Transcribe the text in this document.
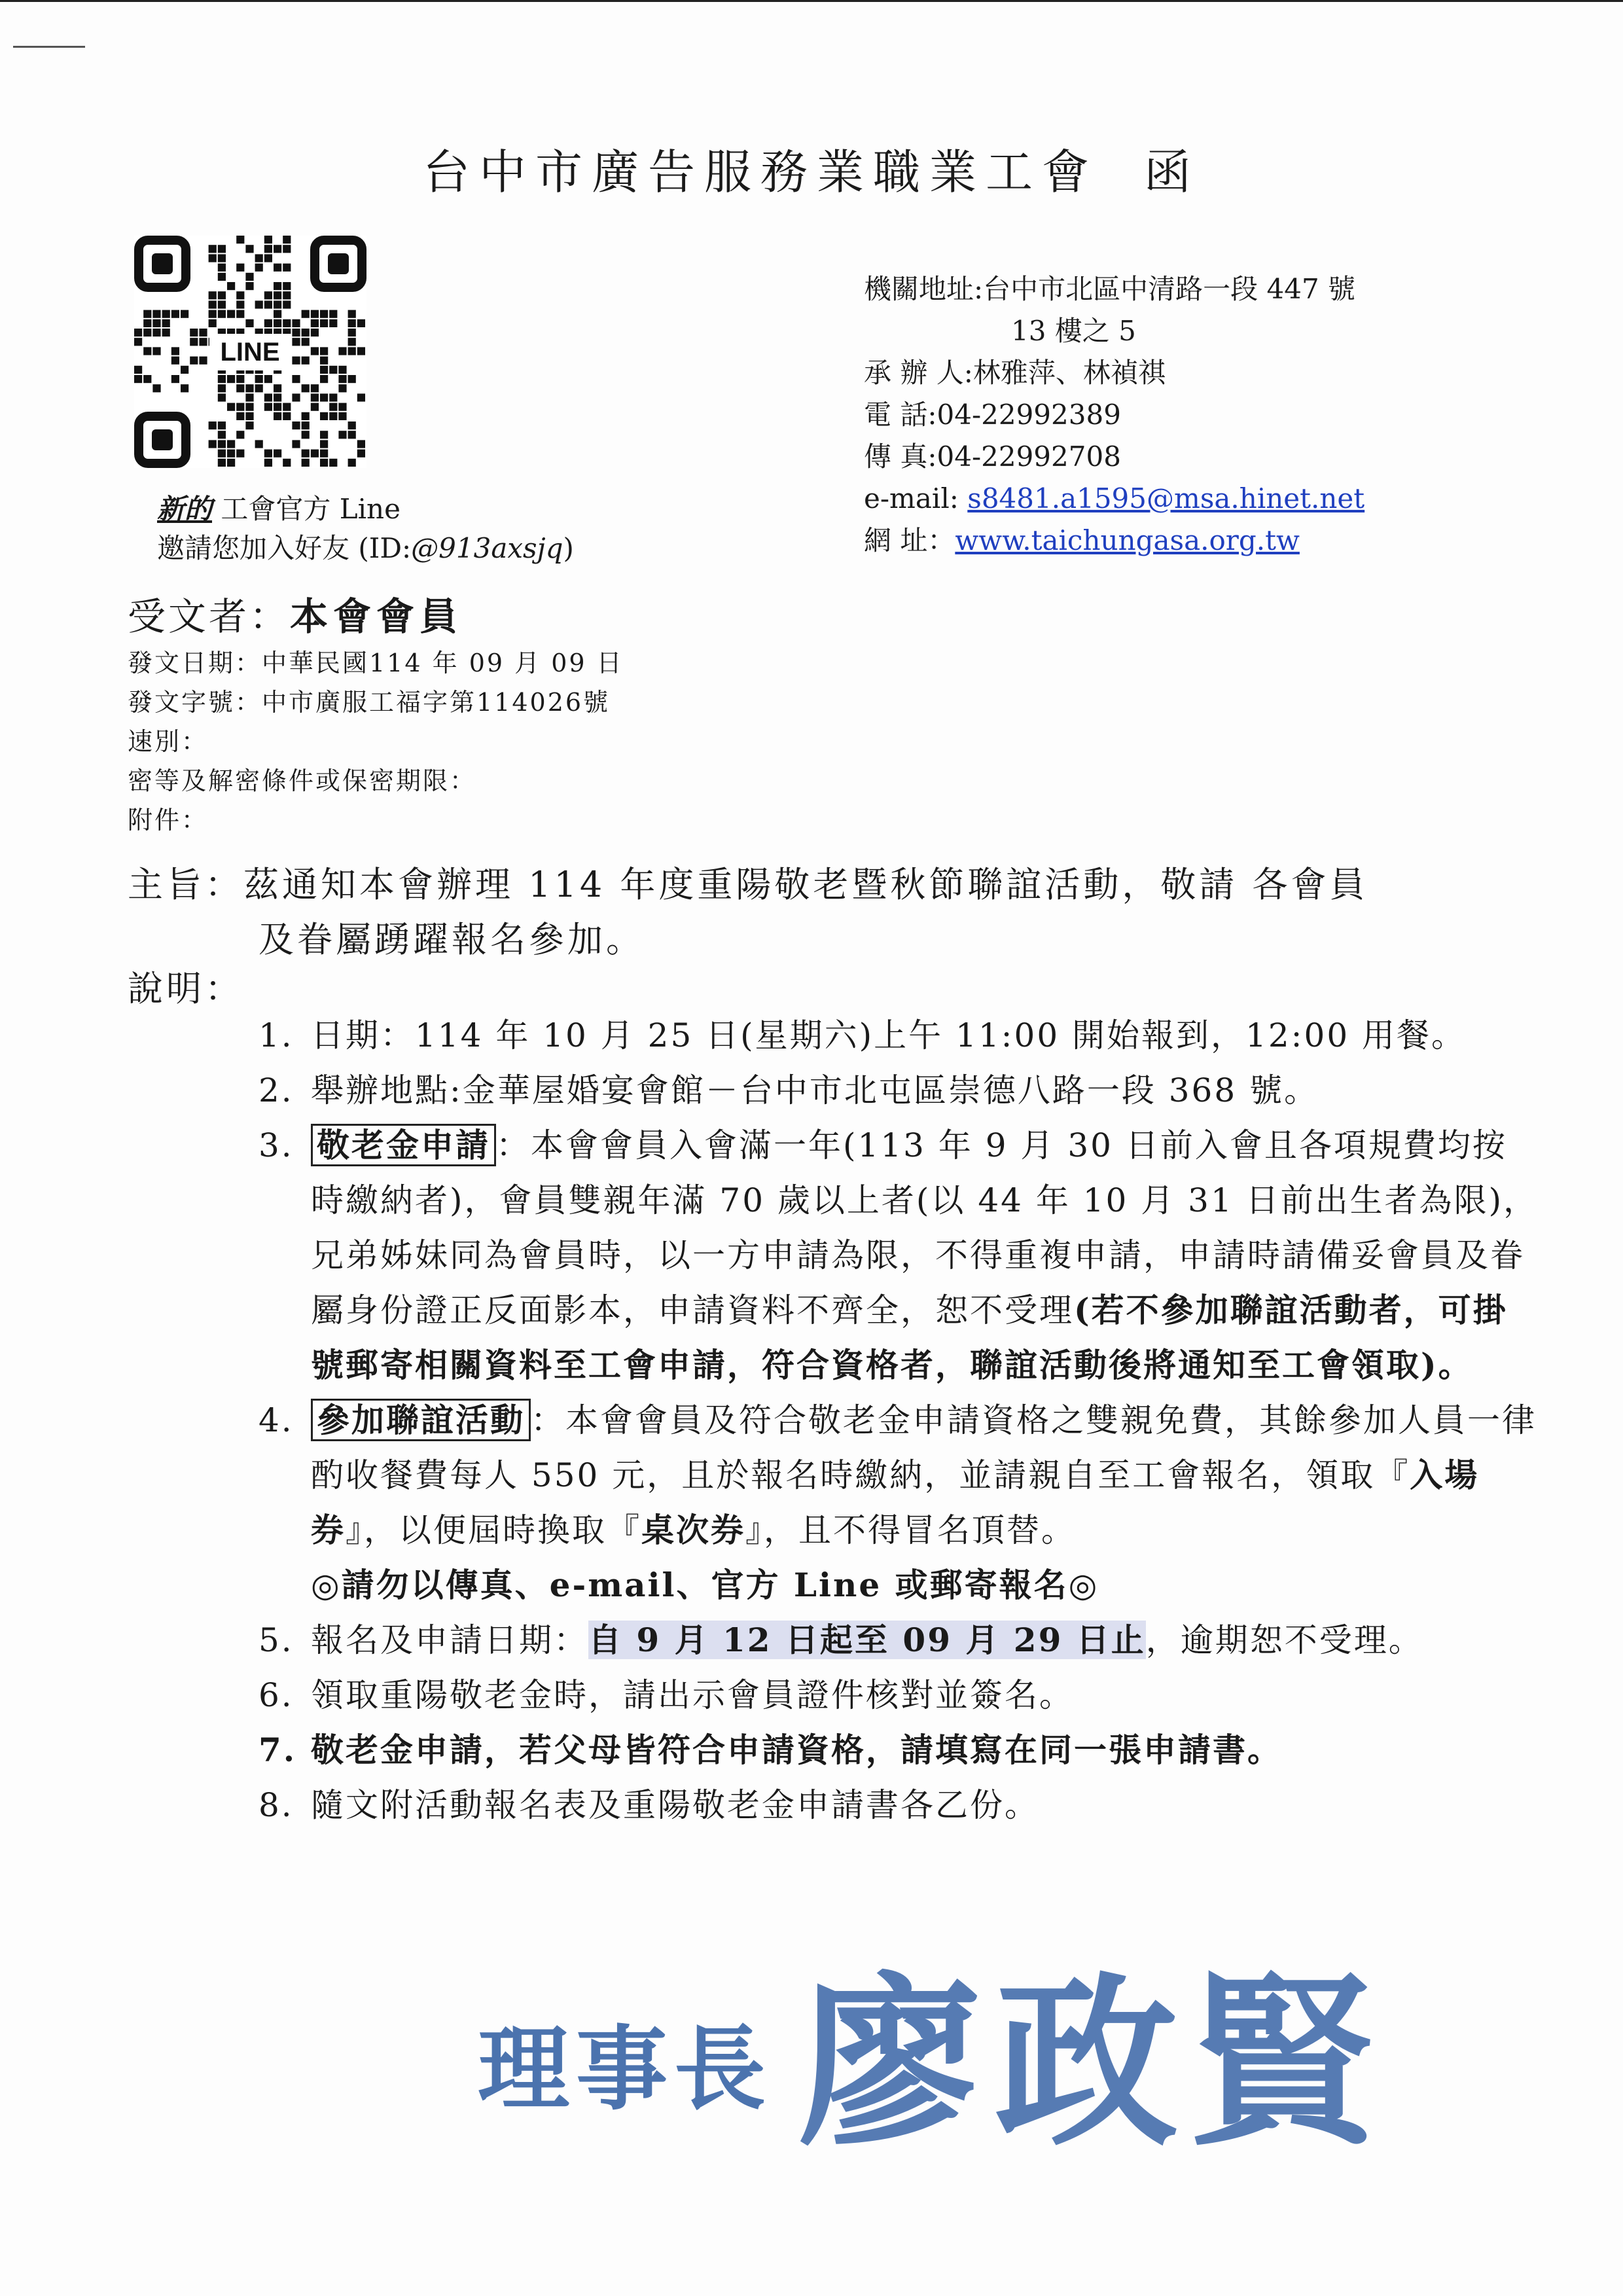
台中市廣告服務業職業工會 函
LINE
新的 工會官方 Line
邀請您加入好友 (ID:@913axsjq)
機關地址:台中市北區中清路一段 447 號
13 樓之 5
承 辦 人:林雅萍、林禎祺
電 話:04-22992389
傳 真:04-22992708
e-mail: s8481.a1595@msa.hinet.net
網 址：www.taichungasa.org.tw
受文者：本會會員
發文日期：中華民國114 年 09 月 09 日
發文字號：中市廣服工福字第114026號
速別：
密等及解密條件或保密期限：
附件：
主旨：茲通知本會辦理 114 年度重陽敬老暨秋節聯誼活動，敬請 各會員
及眷屬踴躍報名參加。
說明：
1. 日期：114 年 10 月 25 日(星期六)上午 11:00 開始報到，12:00 用餐。
2. 舉辦地點:金華屋婚宴會館－台中市北屯區崇德八路一段 368 號。
3. 敬老金申請 ：本會會員入會滿一年(113 年 9 月 30 日前入會且各項規費均按時繳納者)，會員雙親年滿 70 歲以上者(以 44 年 10 月 31 日前出生者為限)，兄弟姊妹同為會員時，以一方申請為限，不得重複申請，申請時請備妥會員及眷屬身份證正反面影本，申請資料不齊全，恕不受理(若不參加聯誼活動者，可掛號郵寄相關資料至工會申請，符合資格者，聯誼活動後將通知至工會領取)。
4. 參加聯誼活動 ：本會會員及符合敬老金申請資格之雙親免費，其餘參加人員一律酌收餐費每人 550 元，且於報名時繳納，並請親自至工會報名，領取『入場券』，以便屆時換取『桌次券』，且不得冒名頂替。
◎請勿以傳真、e-mail、官方 Line 或郵寄報名◎
5. 報名及申請日期：自 9 月 12 日起至 09 月 29 日止，逾期恕不受理。
6. 領取重陽敬老金時，請出示會員證件核對並簽名。
7. 敬老金申請，若父母皆符合申請資格，請填寫在同一張申請書。
8. 隨文附活動報名表及重陽敬老金申請書各乙份。
理事長 廖政賢
